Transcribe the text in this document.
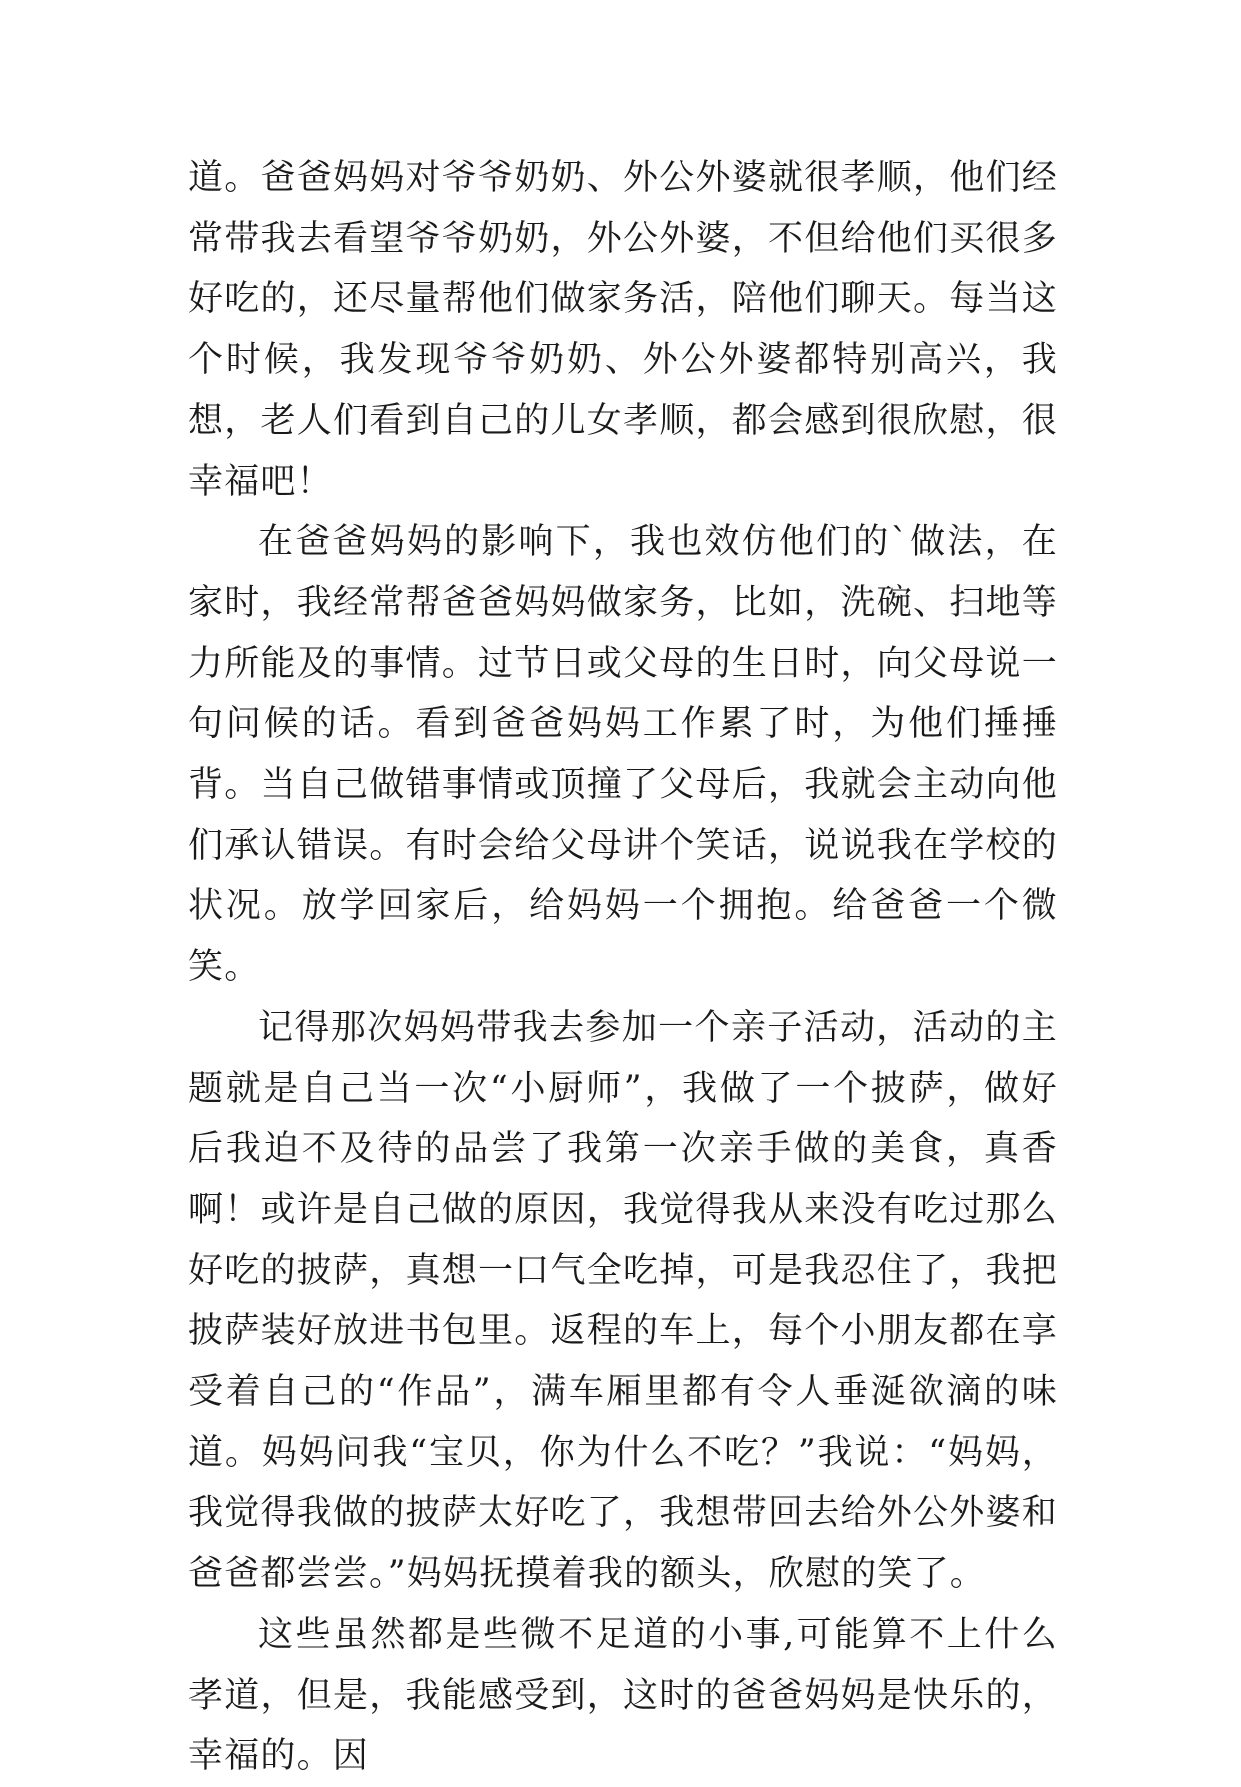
道。爸爸妈妈对爷爷奶奶、外公外婆就很孝顺，他们经常带我去看望爷爷奶奶，外公外婆，不但给他们买很多好吃的，还尽量帮他们做家务活，陪他们聊天。每当这个时候，我发现爷爷奶奶、外公外婆都特别高兴，我想，老人们看到自己的儿女孝顺，都会感到很欣慰，很幸福吧！

在爸爸妈妈的影响下，我也效仿他们的`做法，在家时，我经常帮爸爸妈妈做家务，比如，洗碗、扫地等力所能及的事情。过节日或父母的生日时，向父母说一句问候的话。看到爸爸妈妈工作累了时，为他们捶捶背。当自己做错事情或顶撞了父母后，我就会主动向他们承认错误。有时会给父母讲个笑话，说说我在学校的状况。放学回家后，给妈妈一个拥抱。给爸爸一个微笑。

记得那次妈妈带我去参加一个亲子活动，活动的主题就是自己当一次“小厨师”，我做了一个披萨，做好后我迫不及待的品尝了我第一次亲手做的美食，真香啊！或许是自己做的原因，我觉得我从来没有吃过那么好吃的披萨，真想一口气全吃掉，可是我忍住了，我把披萨装好放进书包里。返程的车上，每个小朋友都在享受着自己的“作品”，满车厢里都有令人垂涎欲滴的味道。妈妈问我“宝贝，你为什么不吃？”我说：“妈妈，我觉得我做的披萨太好吃了，我想带回去给外公外婆和爸爸都尝尝。”妈妈抚摸着我的额头，欣慰的笑了。

这些虽然都是些微不足道的小事,可能算不上什么孝道，但是，我能感受到，这时的爸爸妈妈是快乐的，幸福的。因
